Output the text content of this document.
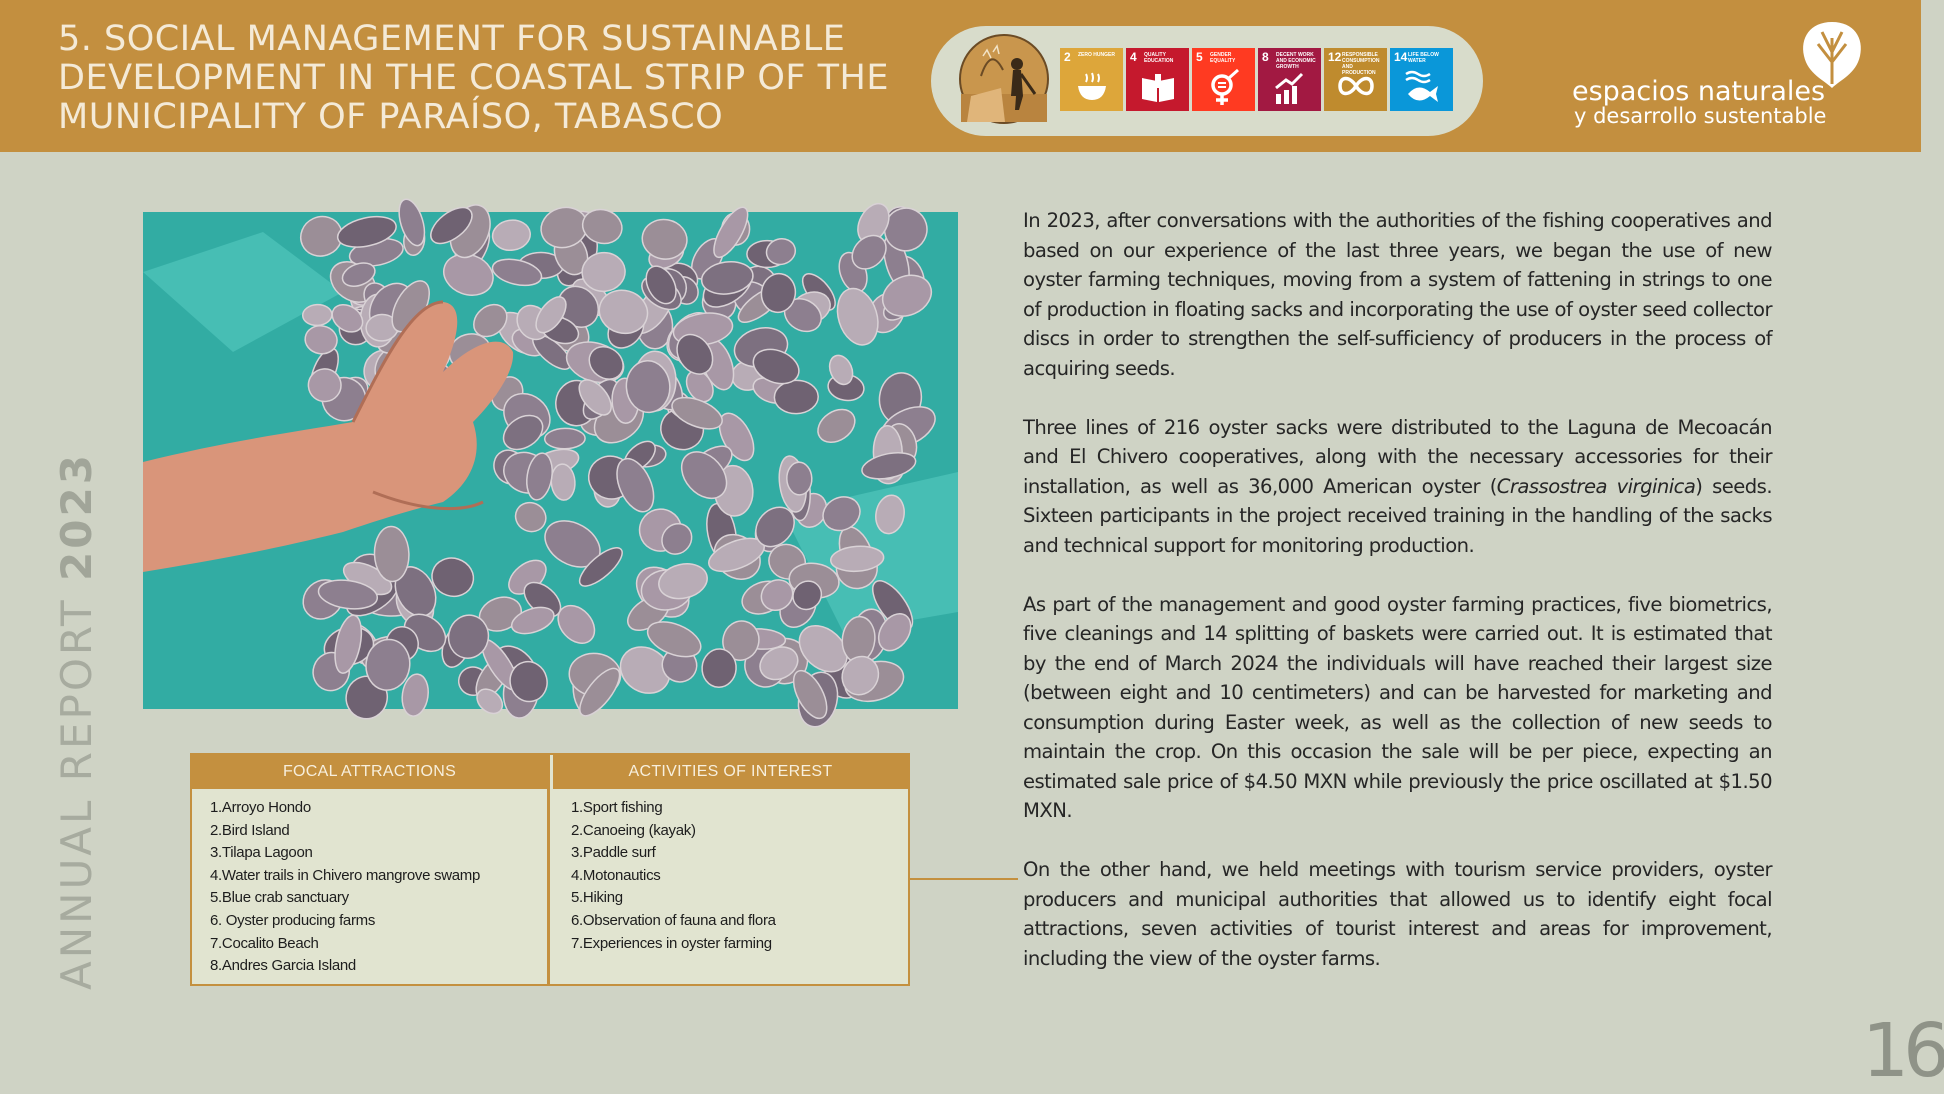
5. SOCIAL MANAGEMENT FOR SUSTAINABLE
DEVELOPMENT IN THE COASTAL STRIP OF THE
MUNICIPALITY OF PARAÍSO, TABASCO
2 ZERO HUNGER	4 QUALITY EDUCATION	5 GENDER EQUALITY	8 DECENT WORK AND ECONOMIC GROWTH
12 RESPONSIBLE CONSUMPTION AND PRODUCTION
14 LIFE BELOW WATER
espacios naturales
y desarrollo sustentable
ANNUAL REPORT 2023
FOCAL ATTRACTIONS
1.Arroyo Hondo
2.Bird Island
3.Tilapa Lagoon
4.Water trails in Chivero mangrove swamp
5.Blue crab sanctuary
6. Oyster producing farms
7.Cocalito Beach
8.Andres Garcia Island
ACTIVITIES OF INTEREST
1.Sport fishing
2.Canoeing (kayak)
3.Paddle surf
4.Motonautics
5.Hiking
6.Observation of fauna and flora
7.Experiences in oyster farming

In 2023, after conversations with the authorities of the fishing cooperatives and based on our experience of the last three years, we began the use of new oyster farming techniques, moving from a system of fattening in strings to one of production in floating sacks and incorporating the use of oyster seed collector discs in order to strengthen the self-sufficiency of producers in the process of acquiring seeds.

Three lines of 216 oyster sacks were distributed to the Laguna de Mecoacán and El Chivero cooperatives, along with the necessary accessories for their installation, as well as 36,000 American oyster (Crassostrea virginica) seeds. Sixteen participants in the project received training in the handling of the sacks and technical support for monitoring production.

As part of the management and good oyster farming practices, five biometrics, five cleanings and 14 splitting of baskets were carried out. It is estimated that by the end of March 2024 the individuals will have reached their largest size (between eight and 10 centimeters) and can be harvested for marketing and consumption during Easter week, as well as the collection of new seeds to maintain the crop. On this occasion the sale will be per piece, expecting an estimated sale price of $4.50 MXN while previously the price oscillated at $1.50 MXN.

On the other hand, we held meetings with tourism service providers, oyster producers and municipal authorities that allowed us to identify eight focal attractions, seven activities of tourist interest and areas for improvement, including the view of the oyster farms.

16
